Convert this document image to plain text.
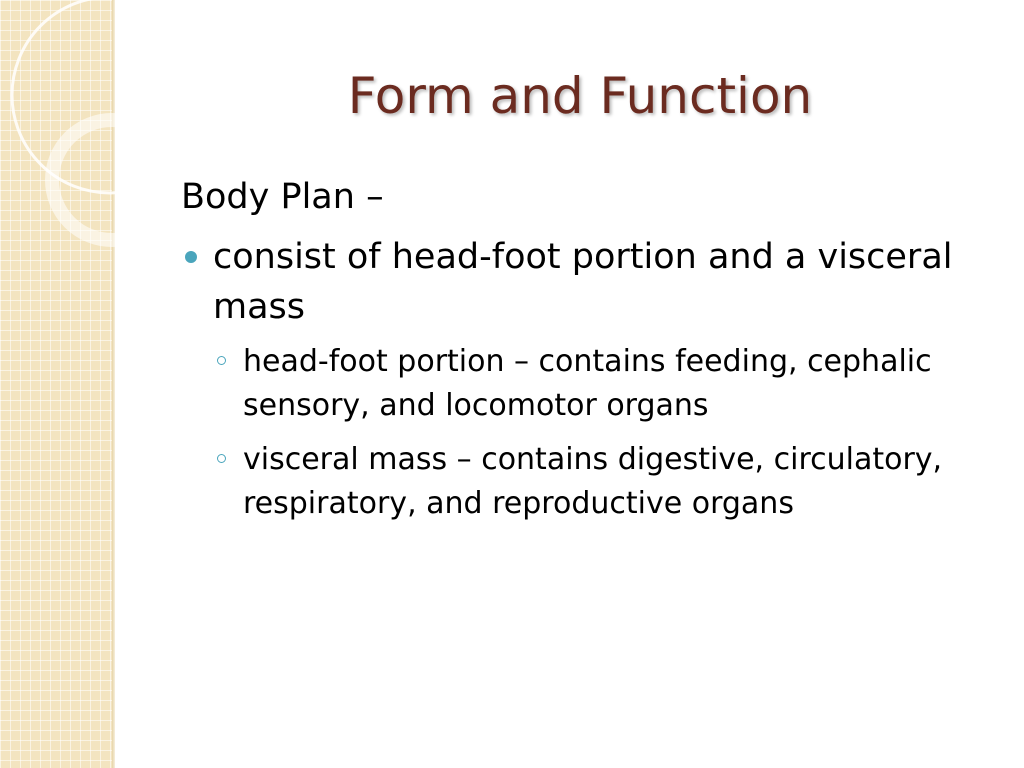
Form and Function
Body Plan –
consist of head-foot portion and a visceral mass
head-foot portion – contains feeding, cephalic sensory, and locomotor organs
visceral mass – contains digestive, circulatory, respiratory, and reproductive organs
